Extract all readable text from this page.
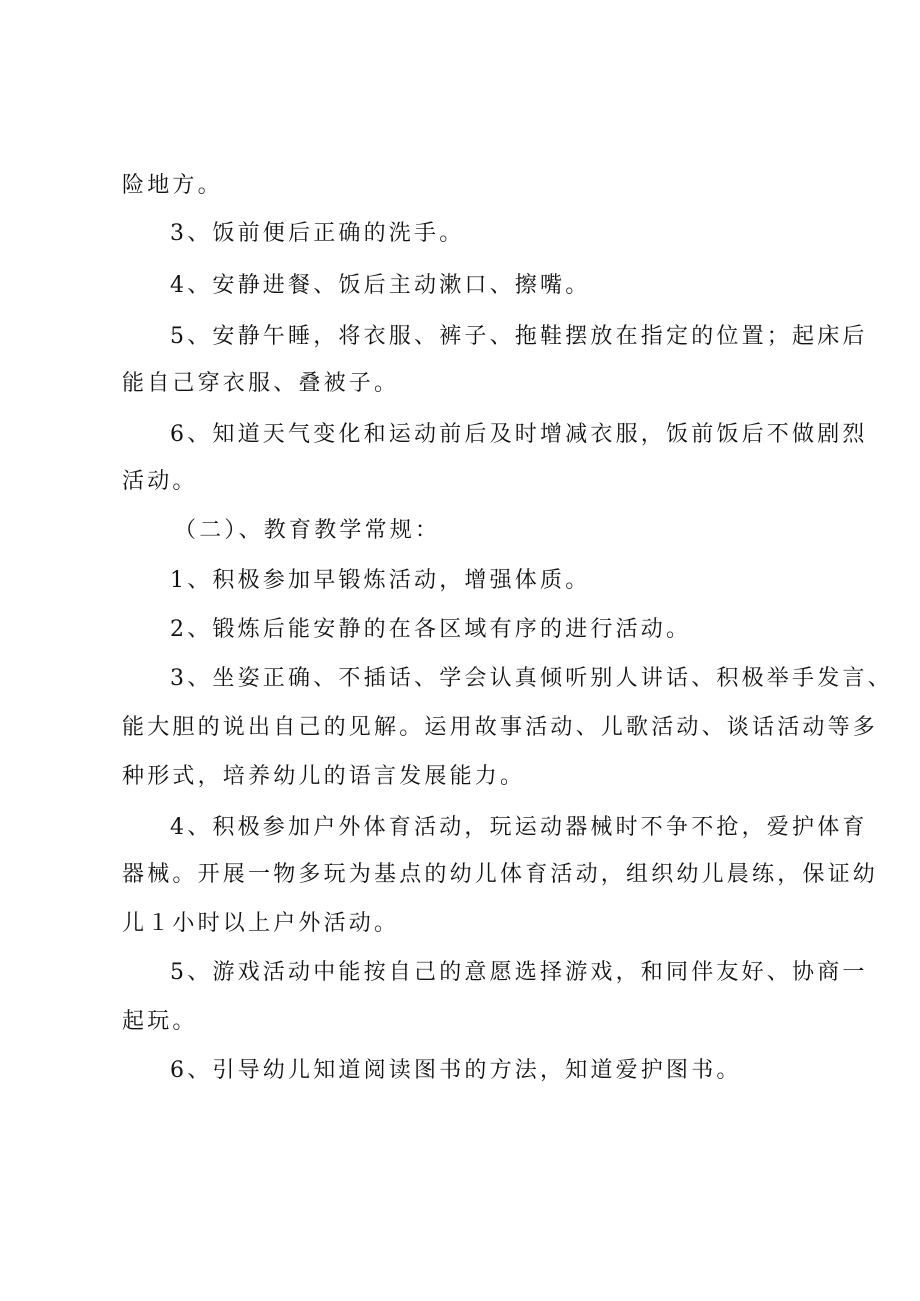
险地方。
3、饭前便后正确的洗手。
4、安静进餐、饭后主动漱口、擦嘴。
5、安静午睡，将衣服、裤子、拖鞋摆放在指定的位置；起床后
能自己穿衣服、叠被子。
6、知道天气变化和运动前后及时增减衣服，饭前饭后不做剧烈
活动。
（二）、教育教学常规：
1、积极参加早锻炼活动，增强体质。
2、锻炼后能安静的在各区域有序的进行活动。
3、坐姿正确、不插话、学会认真倾听别人讲话、积极举手发言、
能大胆的说出自己的见解。运用故事活动、儿歌活动、谈话活动等多
种形式，培养幼儿的语言发展能力。
4、积极参加户外体育活动，玩运动器械时不争不抢，爱护体育
器械。开展一物多玩为基点的幼儿体育活动，组织幼儿晨练，保证幼
儿１小时以上户外活动。
5、游戏活动中能按自己的意愿选择游戏，和同伴友好、协商一
起玩。
6、引导幼儿知道阅读图书的方法，知道爱护图书。
